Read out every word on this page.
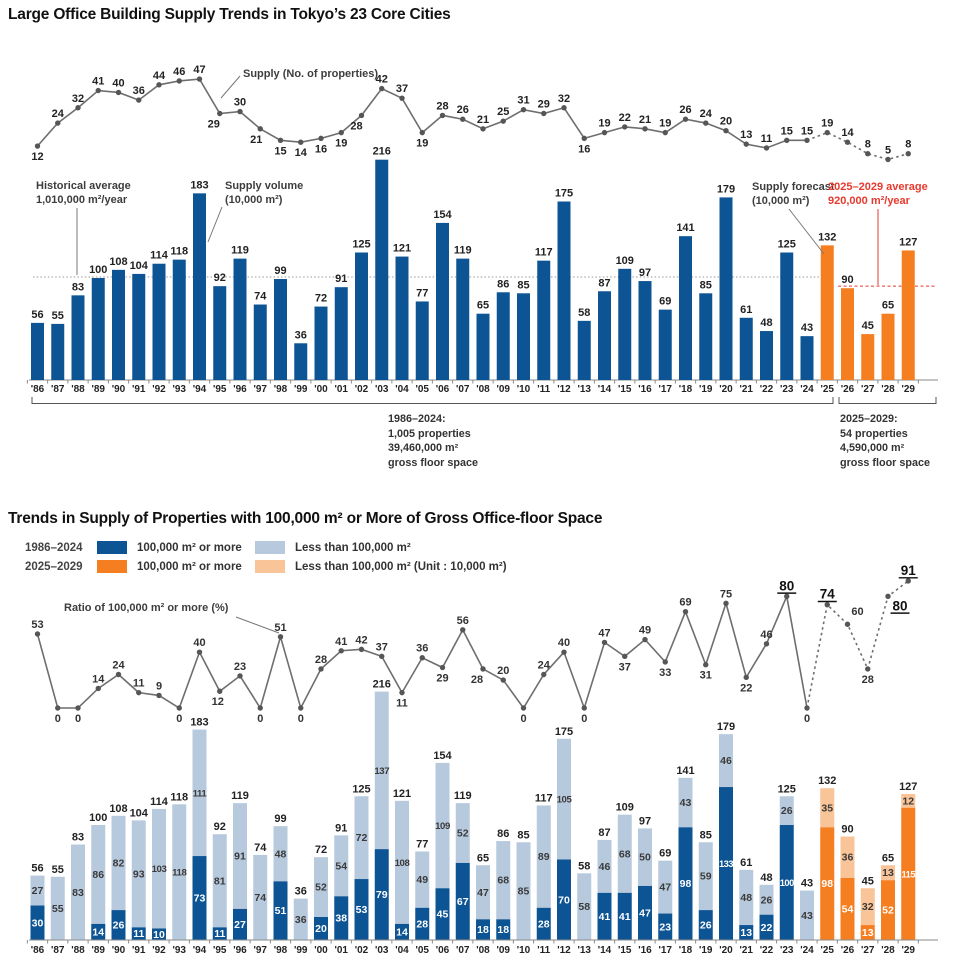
Large Office Building Supply Trends in Tokyo’s 23 Core Cities
'86 '87 '88 '89 '90 '91 '92 '93 '94 '95 '96 '97 '98 '99 '00 '01 '02 '03 '04 '05 '06 '07 '08 '09 '10 '11 '12 '13 '14 '15 '16 '17 '18 '19 '20 '21 '22 '23 '24 '25 '26 '27 '28 '29
56 55
83
100
108 104
114 118
183
92
119
74
99
36
72
91
125
216
121
77
154
119
65
86 85
117
175
58
87
109
97
69
141
85
179
61
48
125
43
132
90
45
65
127
12
24
32
41 40
36
44 46 47
29
30
21
15 14 16 19
28
42
37
19
28 26
21
25
31 29 32
16
19 22 21 19
26 24
20
13 11
15 15
19
14
8 5 8
Supply (No. of properties)
Historical average
1,010,000 m²/year
Supply volume
(10,000 m²)
Supply forecast
(10,000 m²)
2025–2029 average
920,000 m²/year
1986–2024:
1,005 properties
39,460,000 m²
gross floor space
2025–2029:
54 properties
4,590,000 m²
gross floor space
Trends in Supply of Properties with 100,000 m² or More of Gross Office-floor Space
1986–2024	100,000 m² or more	Less than 100,000 m²
2025–2029	100,000 m² or more	Less than 100,000 m² (Unit : 10,000 m²)
Ratio of 100,000 m² or more (%)
56
27
30
55
55
83
83
100
86
14
108
82
26
104
93
11
114
103
10
118
118
183
111
73
92
81
11
119
91
27
74
74
99
48
51
36
36
72
52
20
91
54
38
125
72
53
216
137
79
121
108
14
77
49
28
154
109
45
119
52
67
65
47
18
86
68
18
85
85
117
89
28
175
105
70
58
58
87
46
41
109
68
41
97
50
47
69
47
23
141
43
98
85
59
26
179
46
133 61
48
13
48
26
22
125
26
100 43
43
132
35
98
90
36
54
45
32
13
65
13
52
127
12
115
53
0 0
14
24
11 9
0
40
12
23
0
51
0
28
41 42
37
11
36
29
56
28
20
0
24
40
0
47
37
49
33
69
31
75
22
46
80
0
74
60
28
80
91
'86 '87 '88 '89 '90 '91 '92 '93 '94 '95 '96 '97 '98 '99 '00 '01 '02 '03 '04 '05 '06 '07 '08 '09 '10 '11 '12 '13 '14 '15 '16 '17 '18 '19 '20 '21 '22 '23 '24 '25 '26 '27 '28 '29
